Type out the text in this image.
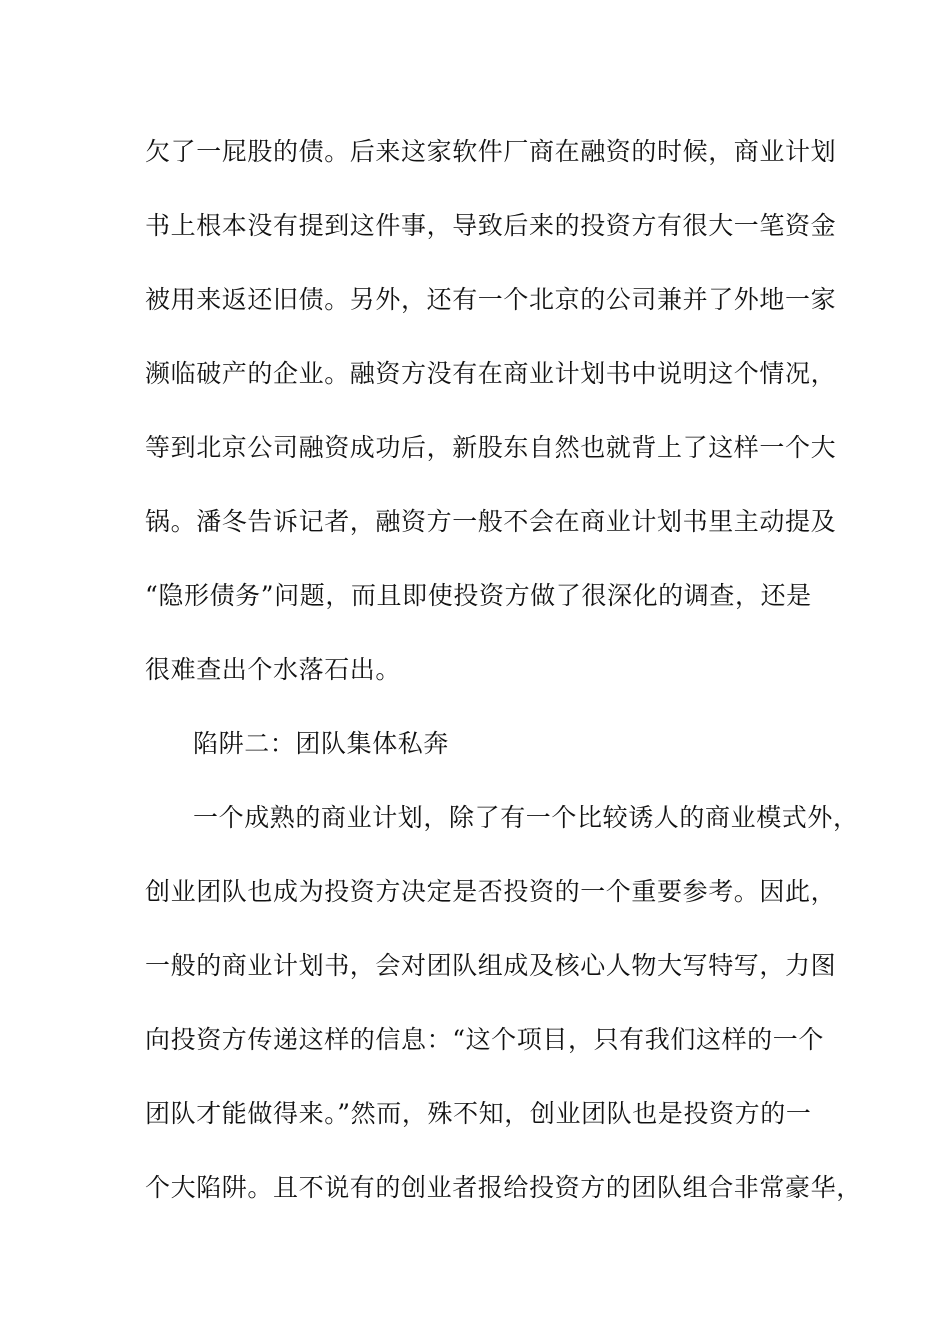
欠了一屁股的债。后来这家软件厂商在融资的时候，商业计划
书上根本没有提到这件事，导致后来的投资方有很大一笔资金
被用来返还旧债。另外，还有一个北京的公司兼并了外地一家
濒临破产的企业。融资方没有在商业计划书中说明这个情况，
等到北京公司融资成功后，新股东自然也就背上了这样一个大
锅。潘冬告诉记者，融资方一般不会在商业计划书里主动提及
“隐形债务”问题，而且即使投资方做了很深化的调查，还是
很难查出个水落石出。
陷阱二：团队集体私奔
一个成熟的商业计划，除了有一个比较诱人的商业模式外，
创业团队也成为投资方决定是否投资的一个重要参考。因此，
一般的商业计划书，会对团队组成及核心人物大写特写，力图
向投资方传递这样的信息：“这个项目，只有我们这样的一个
团队才能做得来。”然而，殊不知，创业团队也是投资方的一
个大陷阱。且不说有的创业者报给投资方的团队组合非常豪华，
